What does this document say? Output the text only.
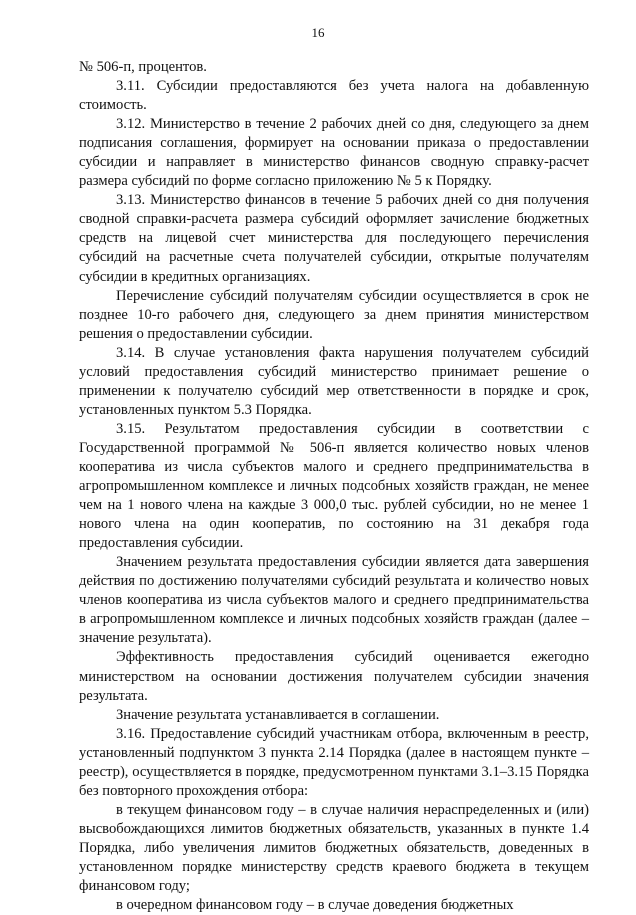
16

№ 506-п, процентов.

3.11. Субсидии предоставляются без учета налога на добавленную стоимость.

3.12. Министерство в течение 2 рабочих дней со дня, следующего за днем подписания соглашения, формирует на основании приказа о предоставлении субсидии и направляет в министерство финансов сводную справку-расчет размера субсидий по форме согласно приложению № 5 к Порядку.

3.13. Министерство финансов в течение 5 рабочих дней со дня получения сводной справки-расчета размера субсидий оформляет зачисление бюджетных средств на лицевой счет министерства для последующего перечисления субсидий на расчетные счета получателей субсидии, открытые получателям субсидии в кредитных организациях.

Перечисление субсидий получателям субсидии осуществляется в срок не позднее 10-го рабочего дня, следующего за днем принятия министерством решения о предоставлении субсидии.

3.14. В случае установления факта нарушения получателем субсидий условий предоставления субсидий министерство принимает решение о применении к получателю субсидий мер ответственности в порядке и срок, установленных пунктом 5.3 Порядка.

3.15. Результатом предоставления субсидии в соответствии с Государственной программой № 506-п является количество новых членов кооператива из числа субъектов малого и среднего предпринимательства в агропромышленном комплексе и личных подсобных хозяйств граждан, не менее чем на 1 нового члена на каждые 3 000,0 тыс. рублей субсидии, но не менее 1 нового члена на один кооператив, по состоянию на 31 декабря года предоставления субсидии.

Значением результата предоставления субсидии является дата завершения действия по достижению получателями субсидий результата и количество новых членов кооператива из числа субъектов малого и среднего предпринимательства в агропромышленном комплексе и личных подсобных хозяйств граждан (далее – значение результата).

Эффективность предоставления субсидий оценивается ежегодно министерством на основании достижения получателем субсидии значения результата.

Значение результата устанавливается в соглашении.

3.16. Предоставление субсидий участникам отбора, включенным в реестр, установленный подпунктом 3 пункта 2.14 Порядка (далее в настоящем пункте – реестр), осуществляется в порядке, предусмотренном пунктами 3.1–3.15 Порядка без повторного прохождения отбора:

в текущем финансовом году – в случае наличия нераспределенных и (или) высвобождающихся лимитов бюджетных обязательств, указанных в пункте 1.4 Порядка, либо увеличения лимитов бюджетных обязательств, доведенных в установленном порядке министерству средств краевого бюджета в текущем финансовом году;

в очередном финансовом году – в случае доведения бюджетных
